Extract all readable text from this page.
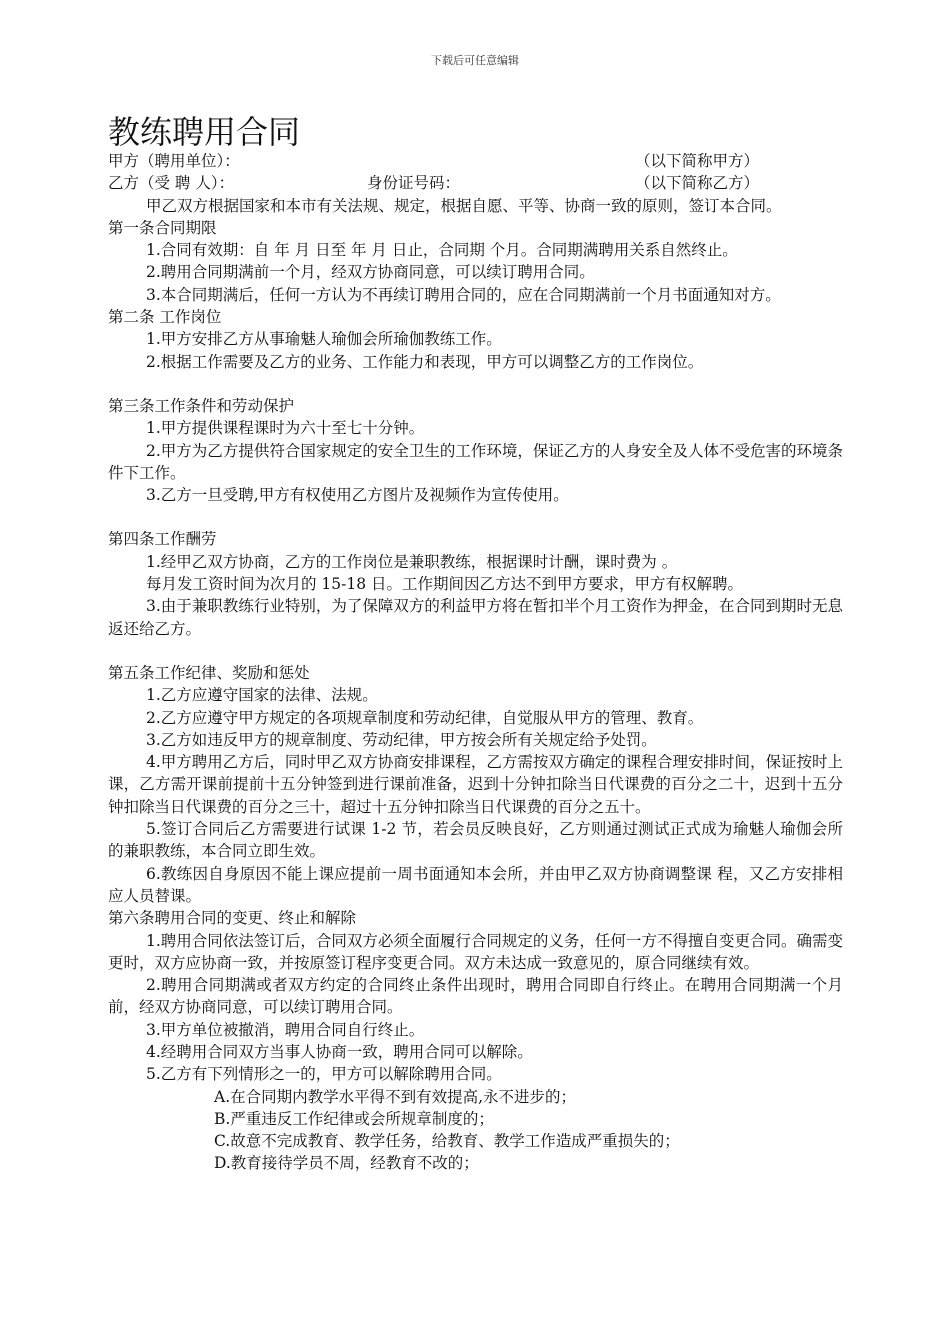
下载后可任意编辑
教练聘用合同
甲方（聘用单位）：	（以下简称甲方）
乙方（受 聘 人）：	身份证号码：	（以下简称乙方）

甲乙双方根据国家和本市有关法规、规定，根据自愿、平等、协商一致的原则，签订本合同。

第一条合同期限

1.合同有效期：自 年 月 日至 年 月 日止，合同期 个月。合同期满聘用关系自然终止。

2.聘用合同期满前一个月，经双方协商同意，可以续订聘用合同。

3.本合同期满后，任何一方认为不再续订聘用合同的，应在合同期满前一个月书面通知对方。

第二条 工作岗位

1.甲方安排乙方从事瑜魅人瑜伽会所瑜伽教练工作。

2.根据工作需要及乙方的业务、工作能力和表现，甲方可以调整乙方的工作岗位。

第三条工作条件和劳动保护

1.甲方提供课程课时为六十至七十分钟。

2.甲方为乙方提供符合国家规定的安全卫生的工作环境，保证乙方的人身安全及人体不受危害的环境条件下工作。

3.乙方一旦受聘,甲方有权使用乙方图片及视频作为宣传使用。

第四条工作酬劳

1.经甲乙双方协商，乙方的工作岗位是兼职教练，根据课时计酬，课时费为 。

每月发工资时间为次月的 15-18 日。工作期间因乙方达不到甲方要求，甲方有权解聘。

3.由于兼职教练行业特别，为了保障双方的利益甲方将在暂扣半个月工资作为押金，在合同到期时无息返还给乙方。

第五条工作纪律、奖励和惩处

1.乙方应遵守国家的法律、法规。

2.乙方应遵守甲方规定的各项规章制度和劳动纪律，自觉服从甲方的管理、教育。

3.乙方如违反甲方的规章制度、劳动纪律，甲方按会所有关规定给予处罚。

4.甲方聘用乙方后，同时甲乙双方协商安排课程，乙方需按双方确定的课程合理安排时间，保证按时上课，乙方需开课前提前十五分钟签到进行课前准备，迟到十分钟扣除当日代课费的百分之二十，迟到十五分钟扣除当日代课费的百分之三十，超过十五分钟扣除当日代课费的百分之五十。

5.签订合同后乙方需要进行试课 1-2 节，若会员反映良好，乙方则通过测试正式成为瑜魅人瑜伽会所的兼职教练，本合同立即生效。

6.教练因自身原因不能上课应提前一周书面通知本会所，并由甲乙双方协商调整课 程，又乙方安排相应人员替课。

第六条聘用合同的变更、终止和解除

1.聘用合同依法签订后，合同双方必须全面履行合同规定的义务，任何一方不得擅自变更合同。确需变更时，双方应协商一致，并按原签订程序变更合同。双方未达成一致意见的，原合同继续有效。

2.聘用合同期满或者双方约定的合同终止条件出现时，聘用合同即自行终止。在聘用合同期满一个月前，经双方协商同意，可以续订聘用合同。

3.甲方单位被撤消，聘用合同自行终止。

4.经聘用合同双方当事人协商一致，聘用合同可以解除。

5.乙方有下列情形之一的，甲方可以解除聘用合同。

A.在合同期内教学水平得不到有效提高,永不进步的；

B.严重违反工作纪律或会所规章制度的；

C.故意不完成教育、教学任务，给教育、教学工作造成严重损失的；

D.教育接待学员不周，经教育不改的；
